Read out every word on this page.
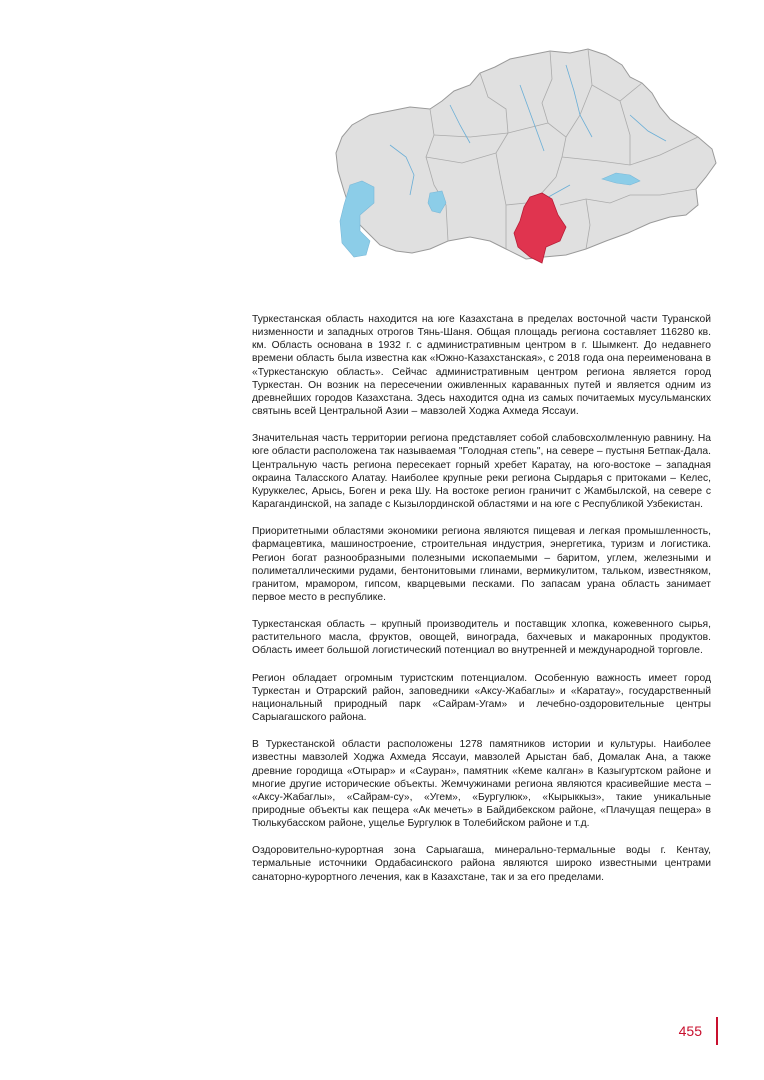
Туркестанская область находится на юге Казахстана в пределах восточной части Туранской низменности и западных отрогов Тянь-Шаня. Общая площадь региона составляет 116280 кв. км. Область основана в 1932 г. с административным центром в г. Шымкент. До недавнего времени область была известна как «Южно-Казахстанская», с 2018 года она переименована в «Туркестанскую область». Сейчас административным центром региона является город Туркестан. Он возник на пересечении оживленных караванных путей и является одним из древнейших городов Казахстана. Здесь находится одна из самых почитаемых мусульманских святынь всей Центральной Азии – мавзолей Ходжа Ахмеда Яссауи.

Значительная часть территории региона представляет собой слабовсхолмленную равнину. На юге области расположена так называемая "Голодная степь", на севере – пустыня Бетпак-Дала. Центральную часть региона пересекает горный хребет Каратау, на юго-востоке – западная окраина Таласского Алатау. Наиболее крупные реки региона Сырдарья с притоками – Келес, Куруккелес, Арысь, Боген и река Шу. На востоке регион граничит с Жамбылской, на севере с Карагандинской, на западе с Кызылординской областями и на юге с Республикой Узбекистан.

Приоритетными областями экономики региона являются пищевая и легкая промышленность, фармацевтика, машиностроение, строительная индустрия, энергетика, туризм и логистика. Регион богат разнообразными полезными ископаемыми – баритом, углем, железными и полиметаллическими рудами, бентонитовыми глинами, вермикулитом, тальком, известняком, гранитом, мрамором, гипсом, кварцевыми песками. По запасам урана область занимает первое место в республике.

Туркестанская область – крупный производитель и поставщик хлопка, кожевенного сырья, растительного масла, фруктов, овощей, винограда, бахчевых и макаронных продуктов. Область имеет большой логистический потенциал во внутренней и международной торговле.

Регион обладает огромным туристским потенциалом. Особенную важность имеет город Туркестан и Отрарский район, заповедники «Аксу-Жабаглы» и «Каратау», государственный национальный природный парк «Сайрам-Угам» и лечебно-оздоровительные центры Сарыагашского района.

В Туркестанской области расположены 1278 памятников истории и культуры. Наиболее известны мавзолей Ходжа Ахмеда Яссауи, мавзолей Арыстан баб, Домалак Ана, а также древние городища «Отырар» и «Сауран», памятник «Кеме калган» в Казыгуртском районе и многие другие исторические объекты. Жемчужинами региона являются красивейшие места – «Аксу-Жабаглы», «Сайрам-су», «Угем», «Бургулюк», «Кырыккыз», такие уникальные природные объекты как пещера «Ак мечеть» в Байдибекском районе, «Плачущая пещера» в Тюлькубасском районе, ущелье Бургулюк в Толебийском районе и т.д.

Оздоровительно-курортная зона Сарыагаша, минерально-термальные воды г. Кентау, термальные источники Ордабасинского района являются широко известными центрами санаторно-курортного лечения, как в Казахстане, так и за его пределами.

455
